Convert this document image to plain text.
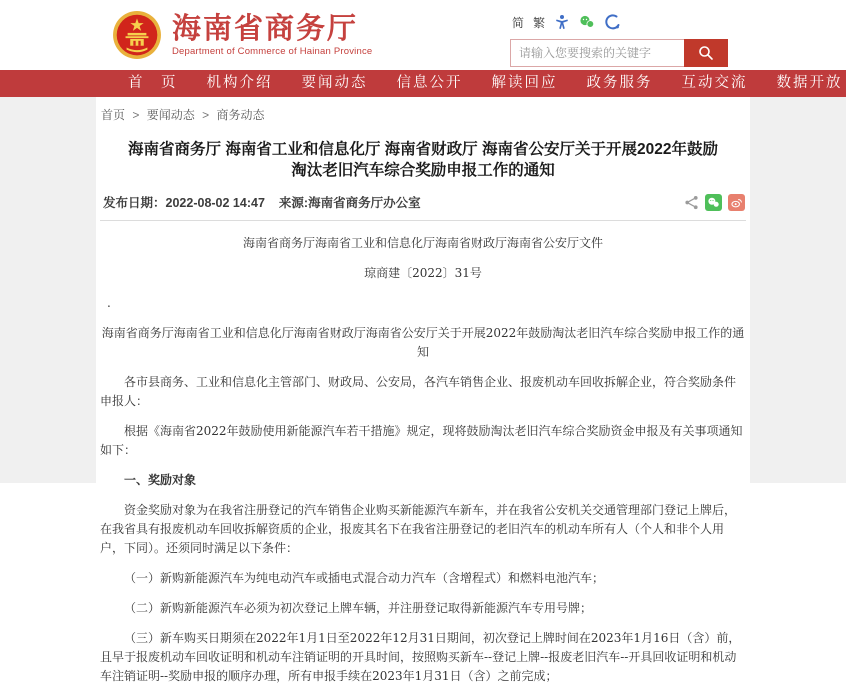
海南省商务厅
Department of Commerce of Hainan Province
简 繁
请输入您要搜索的关键字
首　页 机构介绍 要闻动态 信息公开 解读回应 政务服务 互动交流 数据开放
首页 > 要闻动态 > 商务动态
海南省商务厅 海南省工业和信息化厅 海南省财政厅 海南省公安厅关于开展2022年鼓励淘汰老旧汽车综合奖励申报工作的通知
发布日期：2022-08-02 14:47 来源:海南省商务厅办公室

海南省商务厅海南省工业和信息化厅海南省财政厅海南省公安厅文件

琼商建〔2022〕31号

.

海南省商务厅海南省工业和信息化厅海南省财政厅海南省公安厅关于开展2022年鼓励淘汰老旧汽车综合奖励申报工作的通知

各市县商务、工业和信息化主管部门、财政局、公安局，各汽车销售企业、报废机动车回收拆解企业，符合奖励条件申报人：

根据《海南省2022年鼓励使用新能源汽车若干措施》规定，现将鼓励淘汰老旧汽车综合奖励资金申报及有关事项通知如下：

一、奖励对象

资金奖励对象为在我省注册登记的汽车销售企业购买新能源汽车新车，并在我省公安机关交通管理部门登记上牌后，在我省具有报废机动车回收拆解资质的企业，报废其名下在我省注册登记的老旧汽车的机动车所有人（个人和非个人用户，下同）。还须同时满足以下条件：

（一）新购新能源汽车为纯电动汽车或插电式混合动力汽车（含增程式）和燃料电池汽车；

（二）新购新能源汽车必须为初次登记上牌车辆，并注册登记取得新能源汽车专用号牌；

（三）新车购买日期须在2022年1月1日至2022年12月31日期间，初次登记上牌时间在2023年1月16日（含）前，且早于报废机动车回收证明和机动车注销证明的开具时间，按照购买新车--登记上牌--报废老旧汽车--开具回收证明和机动车注销证明--奖励申报的顺序办理，所有申报手续在2023年1月31日（含）之前完成；
